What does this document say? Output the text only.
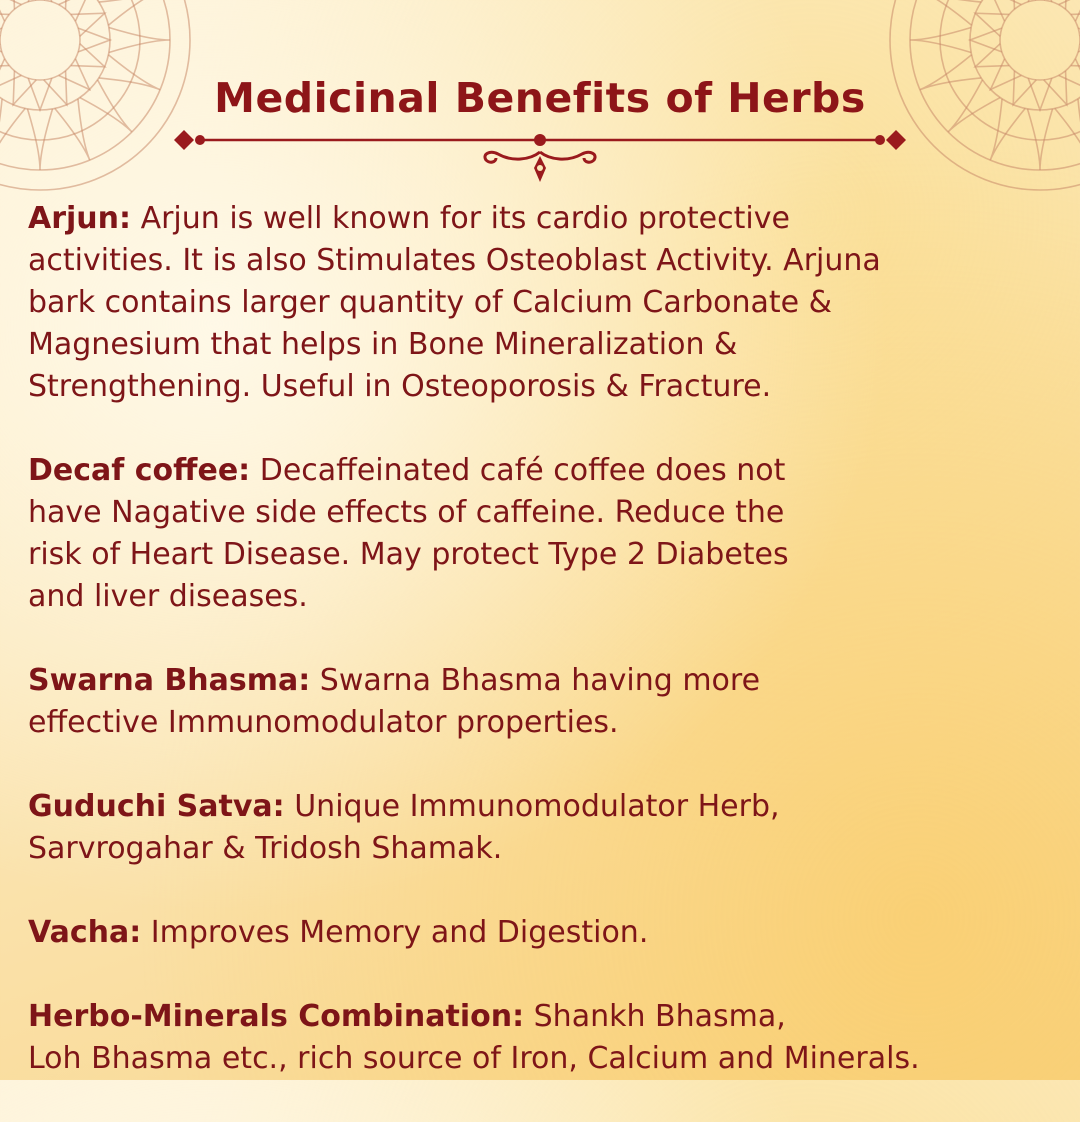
Medicinal Benefits of Herbs
Arjun: Arjun is well known for its cardio protective
activities. It is also Stimulates Osteoblast Activity. Arjuna
bark contains larger quantity of Calcium Carbonate &
Magnesium that helps in Bone Mineralization &
Strengthening. Useful in Osteoporosis & Fracture.
Decaf coffee: Decaffeinated café coffee does not
have Nagative side effects of caffeine. Reduce the
risk of Heart Disease. May protect Type 2 Diabetes
and liver diseases.
Swarna Bhasma: Swarna Bhasma having more
effective Immunomodulator properties.
Guduchi Satva: Unique Immunomodulator Herb,
Sarvrogahar & Tridosh Shamak.
Vacha: Improves Memory and Digestion.
Herbo-Minerals Combination: Shankh Bhasma,
Loh Bhasma etc., rich source of Iron, Calcium and Minerals.
